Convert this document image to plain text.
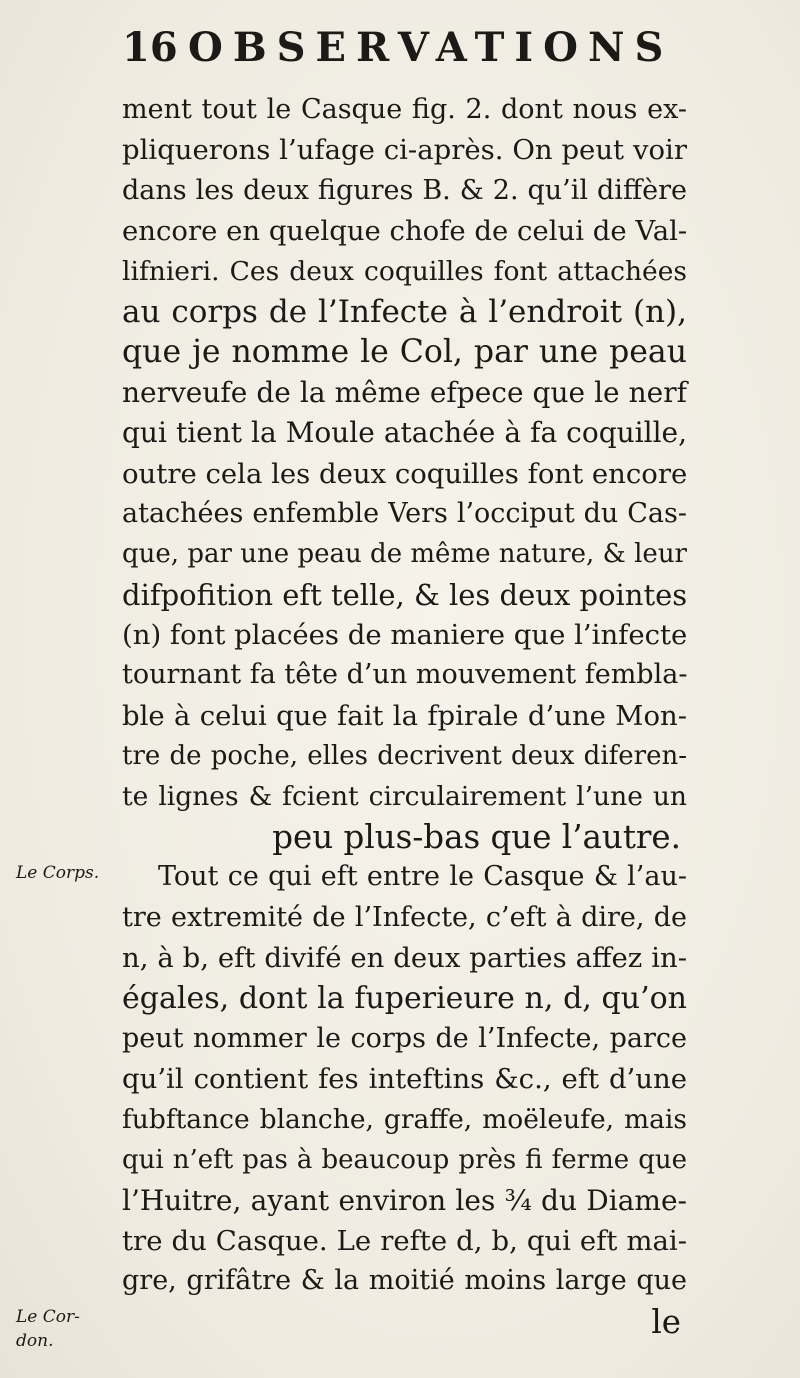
16 OBSERVATIONS
Le Corps.
Le Cor-
don.
ment tout le Casque fig. 2. dont nous ex-
pliquerons l’ufage ci-après. On peut voir
dans les deux figures B. & 2. qu’il diffère
encore en quelque chofe de celui de Val-
lifnieri. Ces deux coquilles font attachées
au corps de l’Infecte à l’endroit (n),
que je nomme le Col, par une peau
nerveufe de la même efpece que le nerf
qui tient la Moule atachée à fa coquille,
outre cela les deux coquilles font encore
atachées enfemble Vers l’occiput du Cas-
que, par une peau de même nature, & leur
difpofition eft telle, & les deux pointes
(n) font placées de maniere que l’infecte
tournant fa tête d’un mouvement fembla-
ble à celui que fait la fpirale d’une Mon-
tre de poche, elles decrivent deux diferen-
te lignes & fcient circulairement l’une un
peu plus-bas que l’autre.
Tout ce qui eft entre le Casque & l’au-
tre extremité de l’Infecte, c’eft à dire, de
n, à b, eft divifé en deux parties affez in-
égales, dont la fuperieure n, d, qu’on
peut nommer le corps de l’Infecte, parce
qu’il contient fes inteftins &c., eft d’une
fubftance blanche, graffe, moëleufe, mais
qui n’eft pas à beaucoup près fi ferme que
l’Huitre, ayant environ les ¾ du Diame-
tre du Casque. Le refte d, b, qui eft mai-
gre, grifâtre & la moitié moins large que
le
